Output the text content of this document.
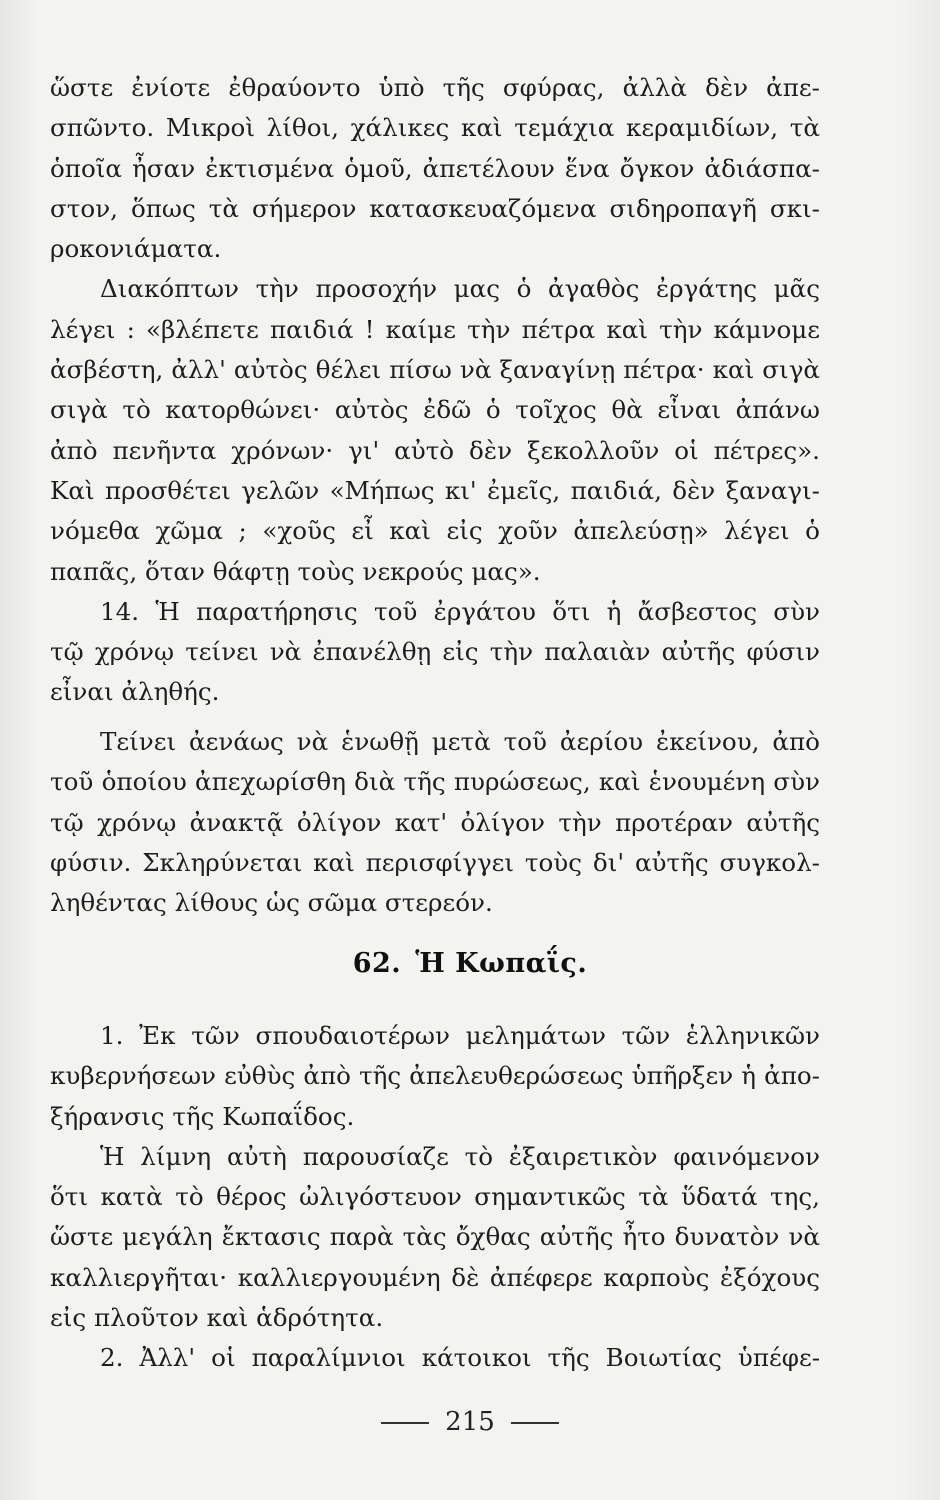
ὥστε ἐνίοτε ἐθραύοντο ὑπὸ τῆς σφύρας, ἀλλὰ δὲν ἀπε-
σπῶντο. Μικροὶ λίθοι, χάλικες καὶ τεμάχια κεραμιδίων, τὰ
ὁποῖα ἦσαν ἐκτισμένα ὁμοῦ, ἀπετέλουν ἕνα ὄγκον ἀδιάσπα-
στον, ὅπως τὰ σήμερον κατασκευαζόμενα σιδηροπαγῆ σκι-
ροκονιάματα.
Διακόπτων τὴν προσοχήν μας ὁ ἀγαθὸς ἐργάτης μᾶς
λέγει : «βλέπετε παιδιά ! καίμε τὴν πέτρα καὶ τὴν κάμνομε
ἀσβέστη, ἀλλ' αὐτὸς θέλει πίσω νὰ ξαναγίνῃ πέτρα· καὶ σιγὰ
σιγὰ τὸ κατορθώνει· αὐτὸς ἐδῶ ὁ τοῖχος θὰ εἶναι ἀπάνω
ἀπὸ πενῆντα χρόνων· γι' αὐτὸ δὲν ξεκολλοῦν οἱ πέτρες».
Καὶ προσθέτει γελῶν «Μήπως κι' ἐμεῖς, παιδιά, δὲν ξαναγι-
νόμεθα χῶμα ; «χοῦς εἶ καὶ εἰς χοῦν ἀπελεύσῃ» λέγει ὁ
παπᾶς, ὅταν θάφτῃ τοὺς νεκρούς μας».
14. Ἡ παρατήρησις τοῦ ἐργάτου ὅτι ἡ ἄσβεστος σὺν
τῷ χρόνῳ τείνει νὰ ἐπανέλθῃ εἰς τὴν παλαιὰν αὐτῆς φύσιν
εἶναι ἀληθής.
Τείνει ἀενάως νὰ ἑνωθῇ μετὰ τοῦ ἀερίου ἐκείνου, ἀπὸ
τοῦ ὁποίου ἀπεχωρίσθη διὰ τῆς πυρώσεως, καὶ ἑνουμένη σὺν
τῷ χρόνῳ ἀνακτᾷ ὀλίγον κατ' ὀλίγον τὴν προτέραν αὐτῆς
φύσιν. Σκληρύνεται καὶ περισφίγγει τοὺς δι' αὐτῆς συγκολ-
ληθέντας λίθους ὡς σῶμα στερεόν.
62. Ἡ Κωπαΐς.
1. Ἐκ τῶν σπουδαιοτέρων μελημάτων τῶν ἑλληνικῶν
κυβερνήσεων εὐθὺς ἀπὸ τῆς ἀπελευθερώσεως ὑπῆρξεν ἡ ἀπο-
ξήρανσις τῆς Κωπαΐδος.
Ἡ λίμνη αὐτὴ παρουσίαζε τὸ ἐξαιρετικὸν φαινόμενον
ὅτι κατὰ τὸ θέρος ὠλιγόστευον σημαντικῶς τὰ ὕδατά της,
ὥστε μεγάλη ἔκτασις παρὰ τὰς ὄχθας αὐτῆς ἦτο δυνατὸν νὰ
καλλιεργῆται· καλλιεργουμένη δὲ ἀπέφερε καρποὺς ἐξόχους
εἰς πλοῦτον καὶ ἁδρότητα.
2. Ἀλλ' οἱ παραλίμνιοι κάτοικοι τῆς Βοιωτίας ὑπέφε-
215
